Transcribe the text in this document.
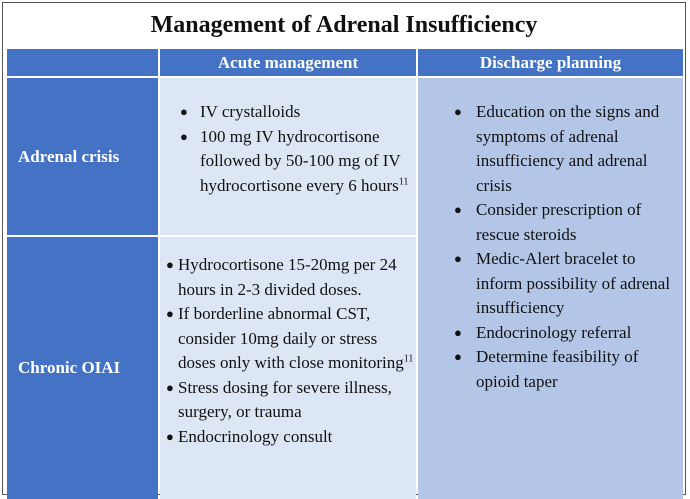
Management of Adrenal Insufficiency
Acute management	Discharge planning
Adrenal crisis
Chronic OIAI
● IV crystalloids
● 100 mg IV hydrocortisone followed by 50-100 mg of IV hydrocortisone every 6 hours$^{11}$
● Hydrocortisone 15-20mg per 24 hours in 2-3 divided doses.
● If borderline abnormal CST, consider 10mg daily or stress doses only with close monitoring$^{11}$
● Stress dosing for severe illness, surgery, or trauma
● Endocrinology consult
● Education on the signs and symptoms of adrenal insufficiency and adrenal crisis
● Consider prescription of rescue steroids
● Medic-Alert bracelet to inform possibility of adrenal insufficiency
● Endocrinology referral
● Determine feasibility of opioid taper
